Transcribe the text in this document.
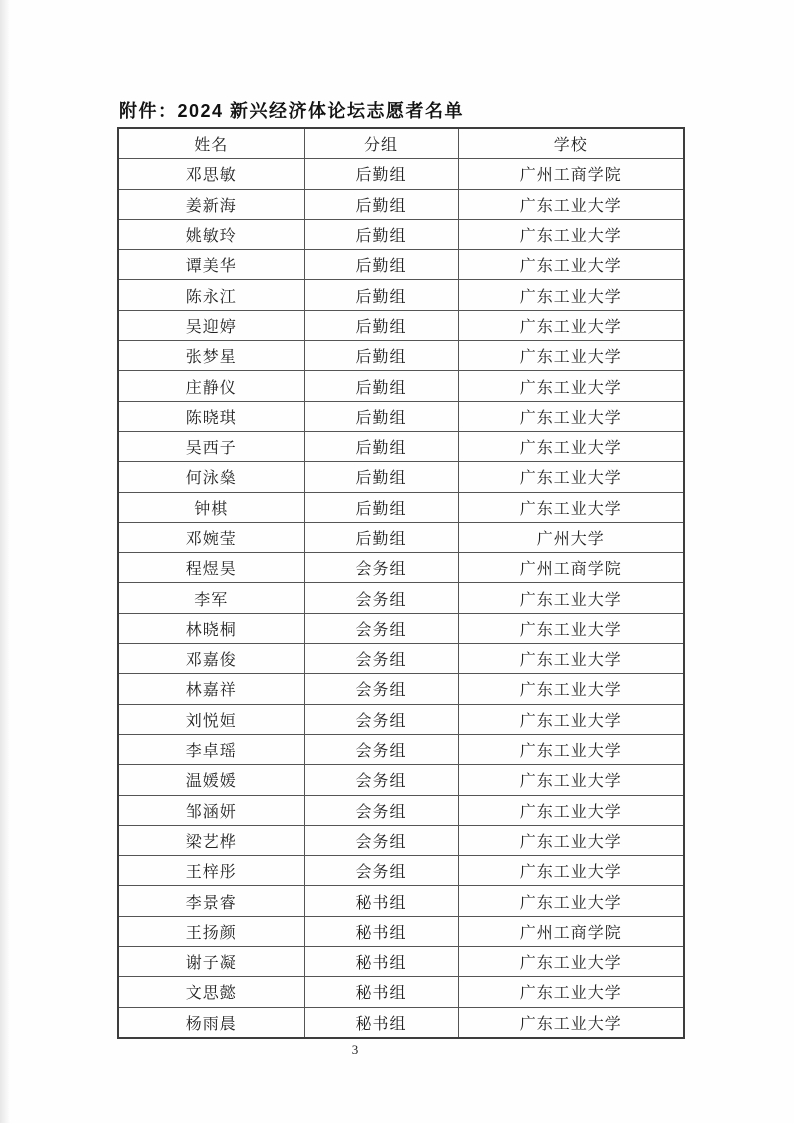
附件：2024 新兴经济体论坛志愿者名单
姓名	分组	学校
邓思敏	后勤组	广州工商学院
姜新海	后勤组	广东工业大学
姚敏玲	后勤组	广东工业大学
谭美华	后勤组	广东工业大学
陈永江	后勤组	广东工业大学
吴迎婷	后勤组	广东工业大学
张梦星	后勤组	广东工业大学
庄静仪	后勤组	广东工业大学
陈晓琪	后勤组	广东工业大学
吴西子	后勤组	广东工业大学
何泳燊	后勤组	广东工业大学
钟棋	后勤组	广东工业大学
邓婉莹	后勤组	广州大学
程煜昊	会务组	广州工商学院
李军	会务组	广东工业大学
林晓桐	会务组	广东工业大学
邓嘉俊	会务组	广东工业大学
林嘉祥	会务组	广东工业大学
刘悦姮	会务组	广东工业大学
李卓瑶	会务组	广东工业大学
温媛媛	会务组	广东工业大学
邹涵妍	会务组	广东工业大学
梁艺桦	会务组	广东工业大学
王梓彤	会务组	广东工业大学
李景睿	秘书组	广东工业大学
王扬颜	秘书组	广州工商学院
谢子凝	秘书组	广东工业大学
文思懿	秘书组	广东工业大学
杨雨晨	秘书组	广东工业大学
3
